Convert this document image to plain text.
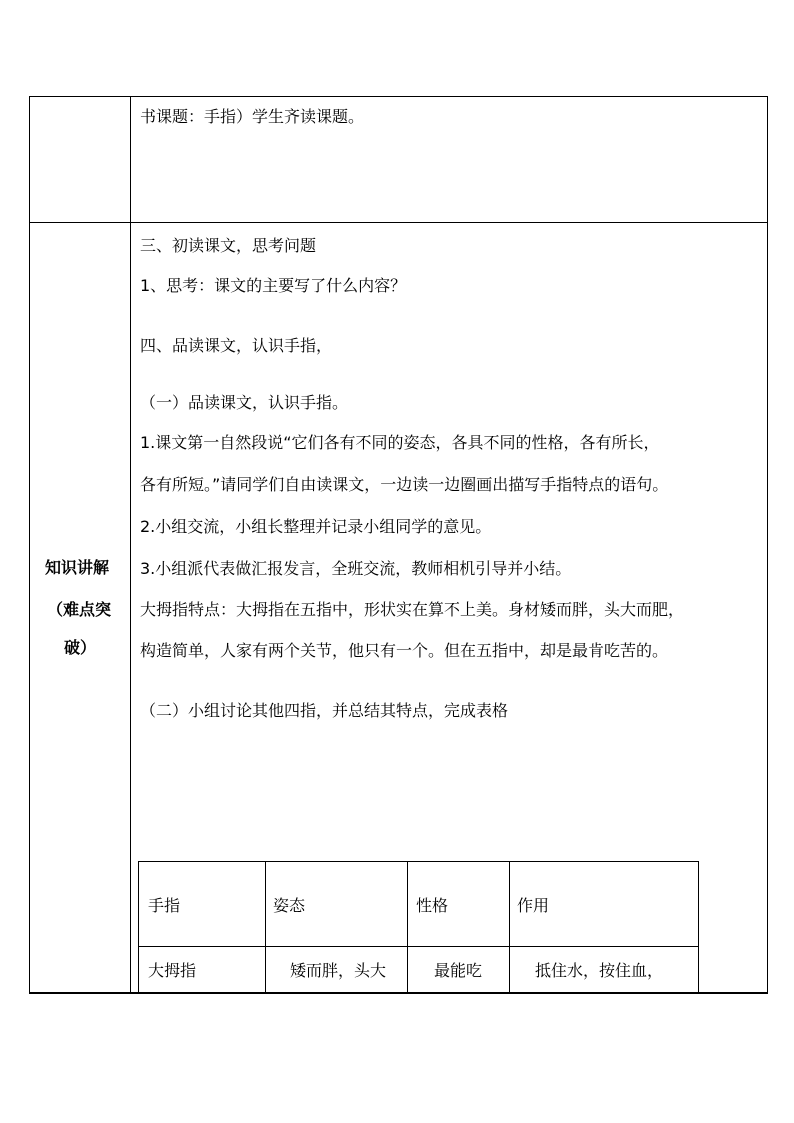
书课题：手指）学生齐读课题。
知识讲解
（难点突
破）
三、初读课文，思考问题
1、思考：课文的主要写了什么内容？
四、品读课文，认识手指，
（一）品读课文，认识手指。
1.课文第一自然段说“它们各有不同的姿态，各具不同的性格，各有所长，
各有所短。”请同学们自由读课文，一边读一边圈画出描写手指特点的语句。
2.小组交流，小组长整理并记录小组同学的意见。
3.小组派代表做汇报发言，全班交流，教师相机引导并小结。
大拇指特点：大拇指在五指中，形状实在算不上美。身材矮而胖，头大而肥，
构造简单，人家有两个关节，他只有一个。但在五指中，却是最肯吃苦的。
（二）小组讨论其他四指，并总结其特点，完成表格
手指	姿态	性格	作用
大拇指	矮而胖，头大	最能吃	抵住水，按住血，
